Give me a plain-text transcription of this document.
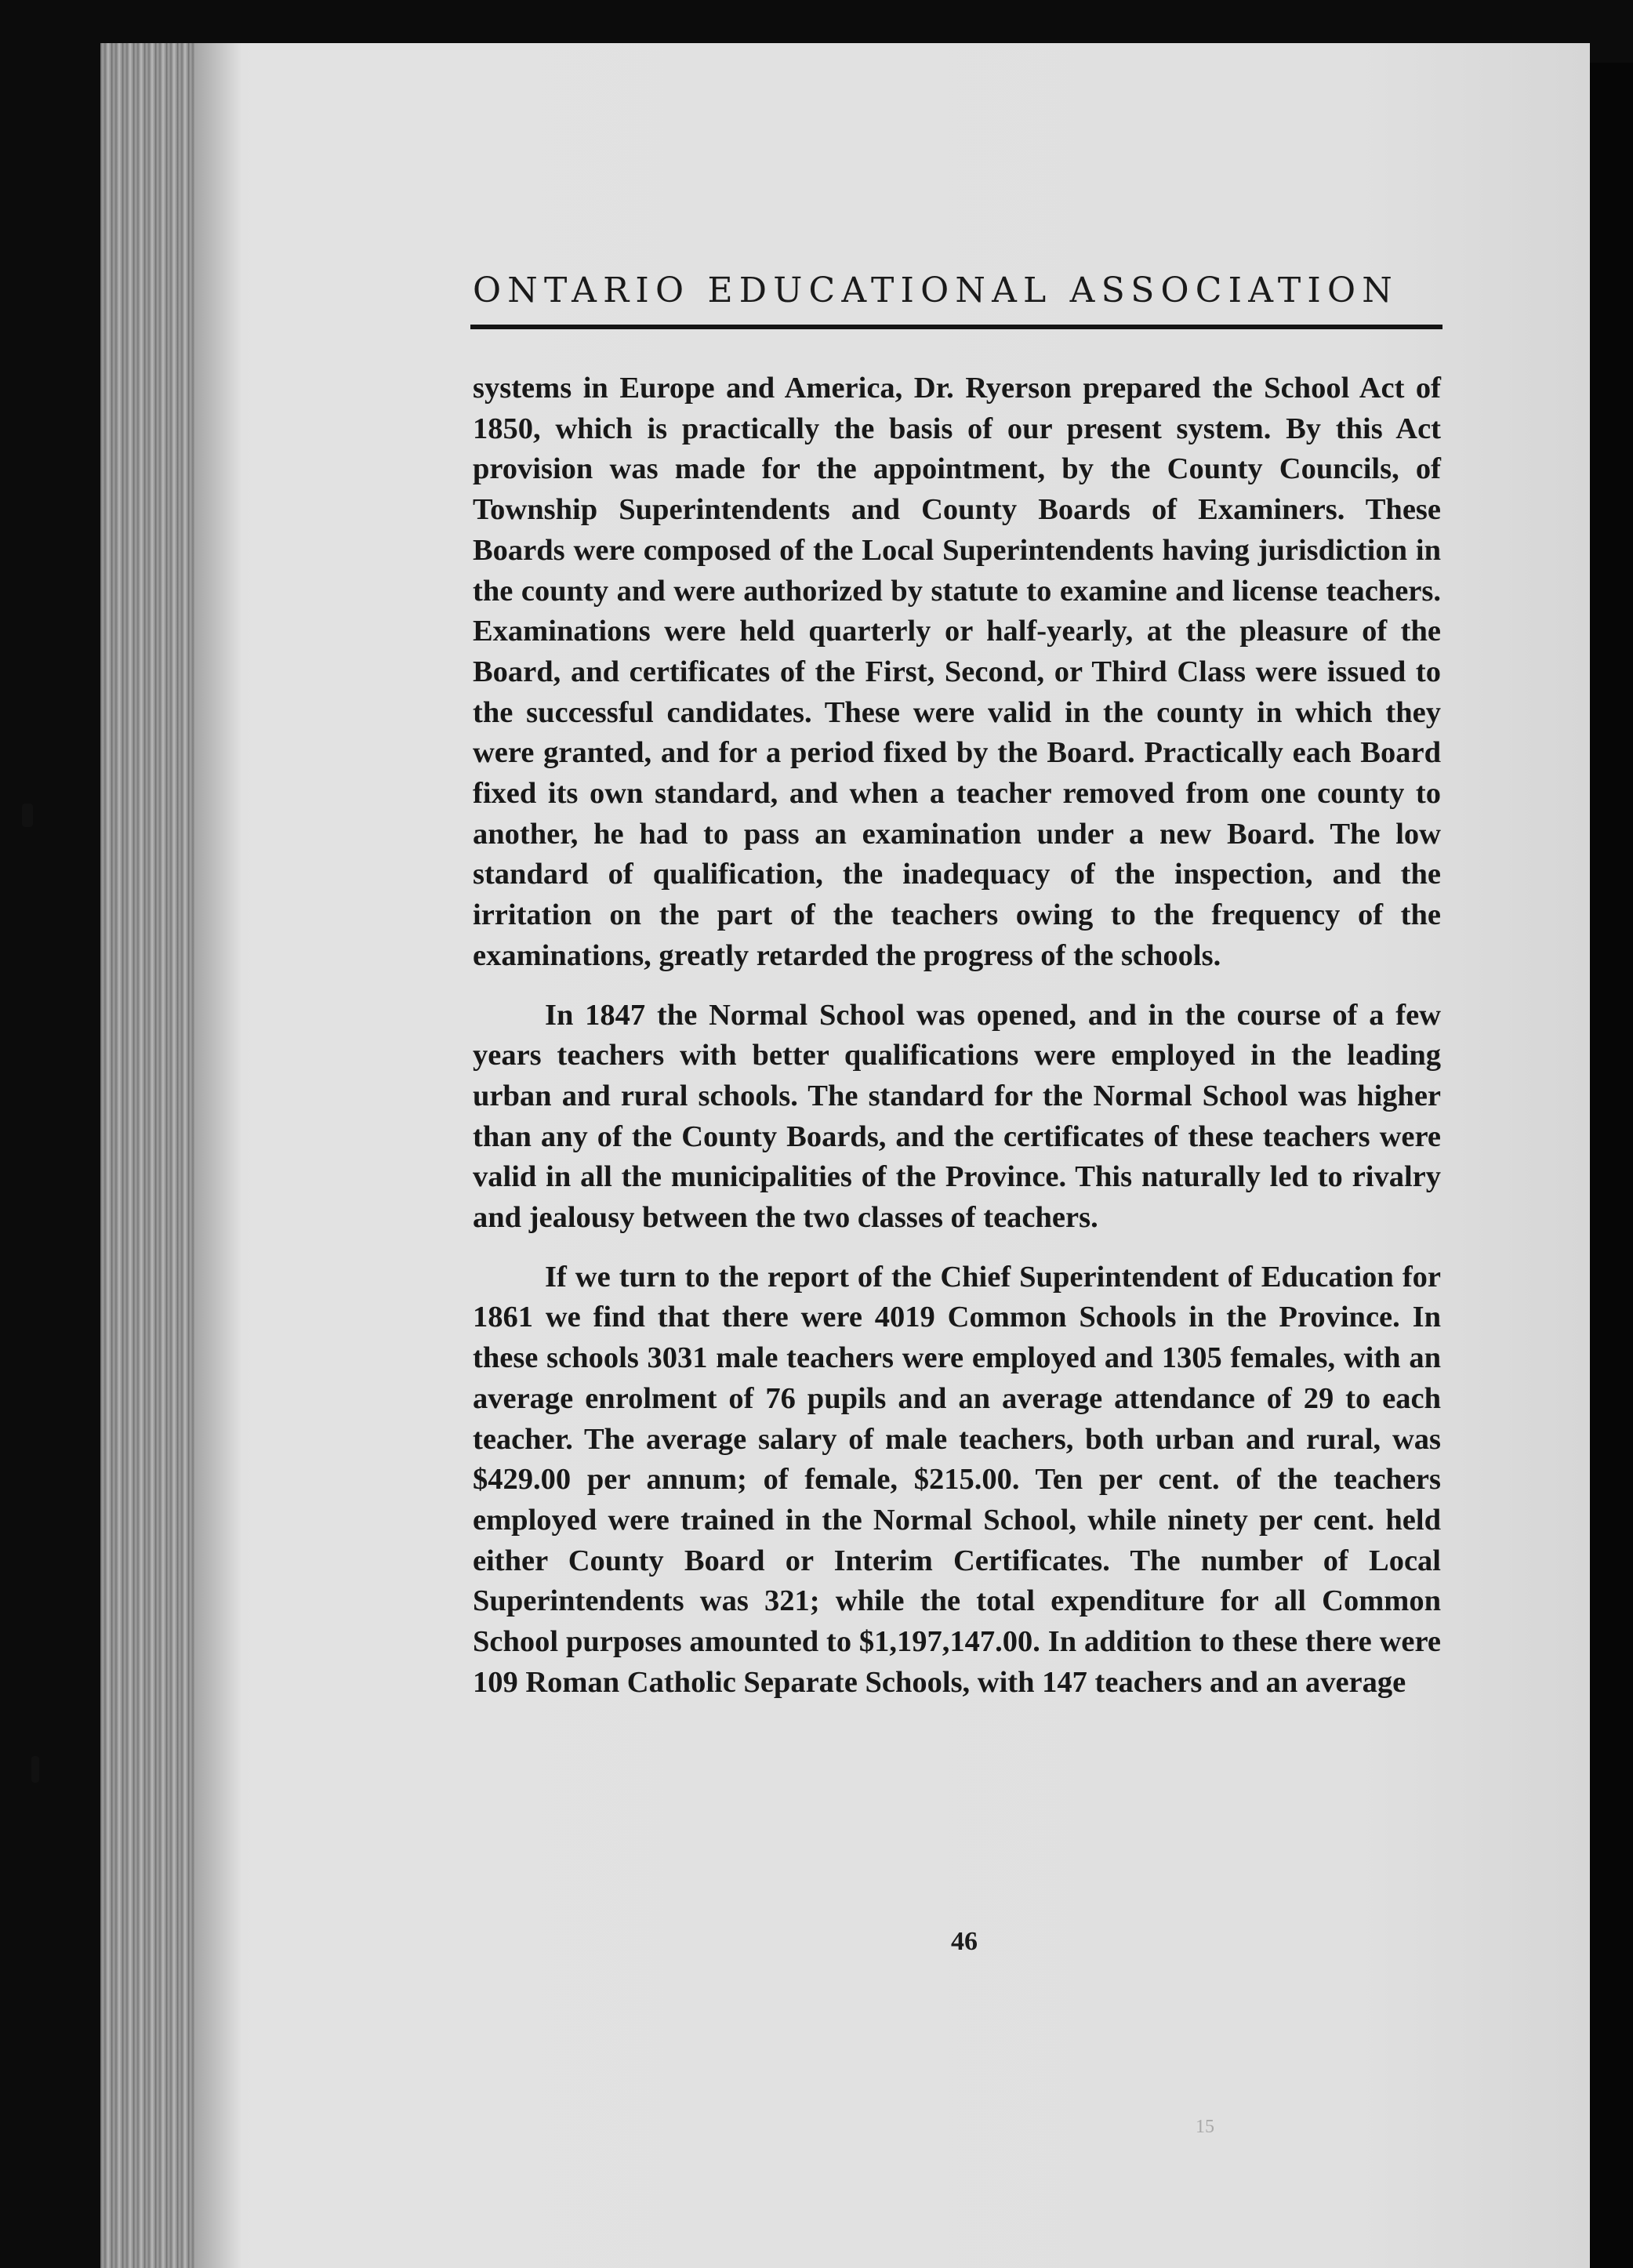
ONTARIO EDUCATIONAL ASSOCIATION

systems in Europe and America, Dr. Ryerson prepared the School Act of 1850, which is practically the basis of our present system. By this Act provision was made for the appointment, by the County Councils, of Township Superintendents and County Boards of Examiners. These Boards were composed of the Local Superintendents having jurisdiction in the county and were authorized by statute to examine and license teachers. Examinations were held quarterly or half-yearly, at the pleasure of the Board, and certificates of the First, Second, or Third Class were issued to the successful candidates. These were valid in the county in which they were granted, and for a period fixed by the Board. Practically each Board fixed its own standard, and when a teacher removed from one county to another, he had to pass an examination under a new Board. The low standard of qualification, the inadequacy of the inspection, and the irritation on the part of the teachers owing to the frequency of the examinations, greatly retarded the progress of the schools.

In 1847 the Normal School was opened, and in the course of a few years teachers with better qualifications were employed in the leading urban and rural schools. The standard for the Normal School was higher than any of the County Boards, and the certificates of these teachers were valid in all the municipalities of the Province. This naturally led to rivalry and jealousy between the two classes of teachers.

If we turn to the report of the Chief Superintendent of Education for 1861 we find that there were 4019 Common Schools in the Province. In these schools 3031 male teachers were employed and 1305 females, with an average enrolment of 76 pupils and an average attendance of 29 to each teacher. The average salary of male teachers, both urban and rural, was $429.00 per annum; of female, $215.00. Ten per cent. of the teachers employed were trained in the Normal School, while ninety per cent. held either County Board or Interim Certificates. The number of Local Superintendents was 321; while the total expenditure for all Common School purposes amounted to $1,197,147.00. In addition to these there were 109 Roman Catholic Separate Schools, with 147 teachers and an average

46
15
